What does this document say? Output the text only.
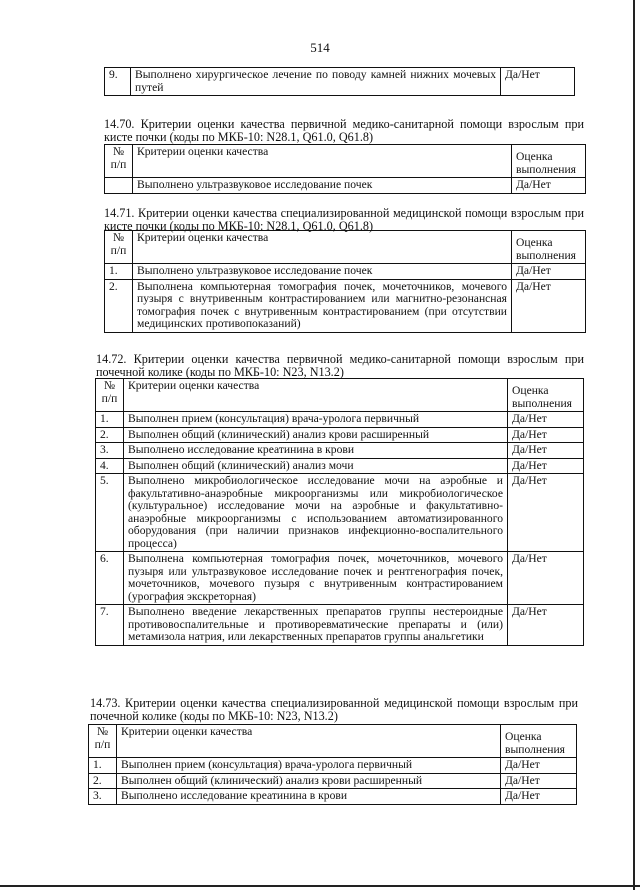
514
9.	Выполнено хирургическое лечение по поводу камней нижних мочевых путей	Да/Нет
14.70. Критерии оценки качества первичной медико-санитарной помощи взрослым при кисте почки (коды по МКБ-10: N28.1, Q61.0, Q61.8)
№ п/п	Критерии оценки качества	Оценка выполнения
	Выполнено ультразвуковое исследование почек	Да/Нет
14.71. Критерии оценки качества специализированной медицинской помощи взрослым при кисте почки (коды по МКБ-10: N28.1, Q61.0, Q61.8)
№ п/п	Критерии оценки качества	Оценка выполнения
1.	Выполнено ультразвуковое исследование почек	Да/Нет
2.	Выполнена компьютерная томография почек, мочеточников, мочевого пузыря с внутривенным контрастированием или магнитно-резонансная томография почек с внутривенным контрастированием (при отсутствии медицинских противопоказаний)	Да/Нет
14.72. Критерии оценки качества первичной медико-санитарной помощи взрослым при почечной колике (коды по МКБ-10: N23, N13.2)
№ п/п	Критерии оценки качества	Оценка выполнения
1.	Выполнен прием (консультация) врача-уролога первичный	Да/Нет
2.	Выполнен общий (клинический) анализ крови расширенный	Да/Нет
3.	Выполнено исследование креатинина в крови	Да/Нет
4.	Выполнен общий (клинический) анализ мочи	Да/Нет
5.	Выполнено микробиологическое исследование мочи на аэробные и факультативно-анаэробные микроорганизмы или микробиологическое (культуральное) исследование мочи на аэробные и факультативно-анаэробные микроорганизмы с использованием автоматизированного оборудования (при наличии признаков инфекционно-воспалительного процесса)	Да/Нет
6.	Выполнена компьютерная томография почек, мочеточников, мочевого пузыря или ультразвуковое исследование почек и рентгенография почек, мочеточников, мочевого пузыря с внутривенным контрастированием (урография экскреторная)	Да/Нет
7.	Выполнено введение лекарственных препаратов группы нестероидные противовоспалительные и противоревматические препараты и (или) метамизола натрия, или лекарственных препаратов группы анальгетики	Да/Нет
14.73. Критерии оценки качества специализированной медицинской помощи взрослым при почечной колике (коды по МКБ-10: N23, N13.2)
№ п/п	Критерии оценки качества	Оценка выполнения
1.	Выполнен прием (консультация) врача-уролога первичный	Да/Нет
2.	Выполнен общий (клинический) анализ крови расширенный	Да/Нет
3.	Выполнено исследование креатинина в крови	Да/Нет
